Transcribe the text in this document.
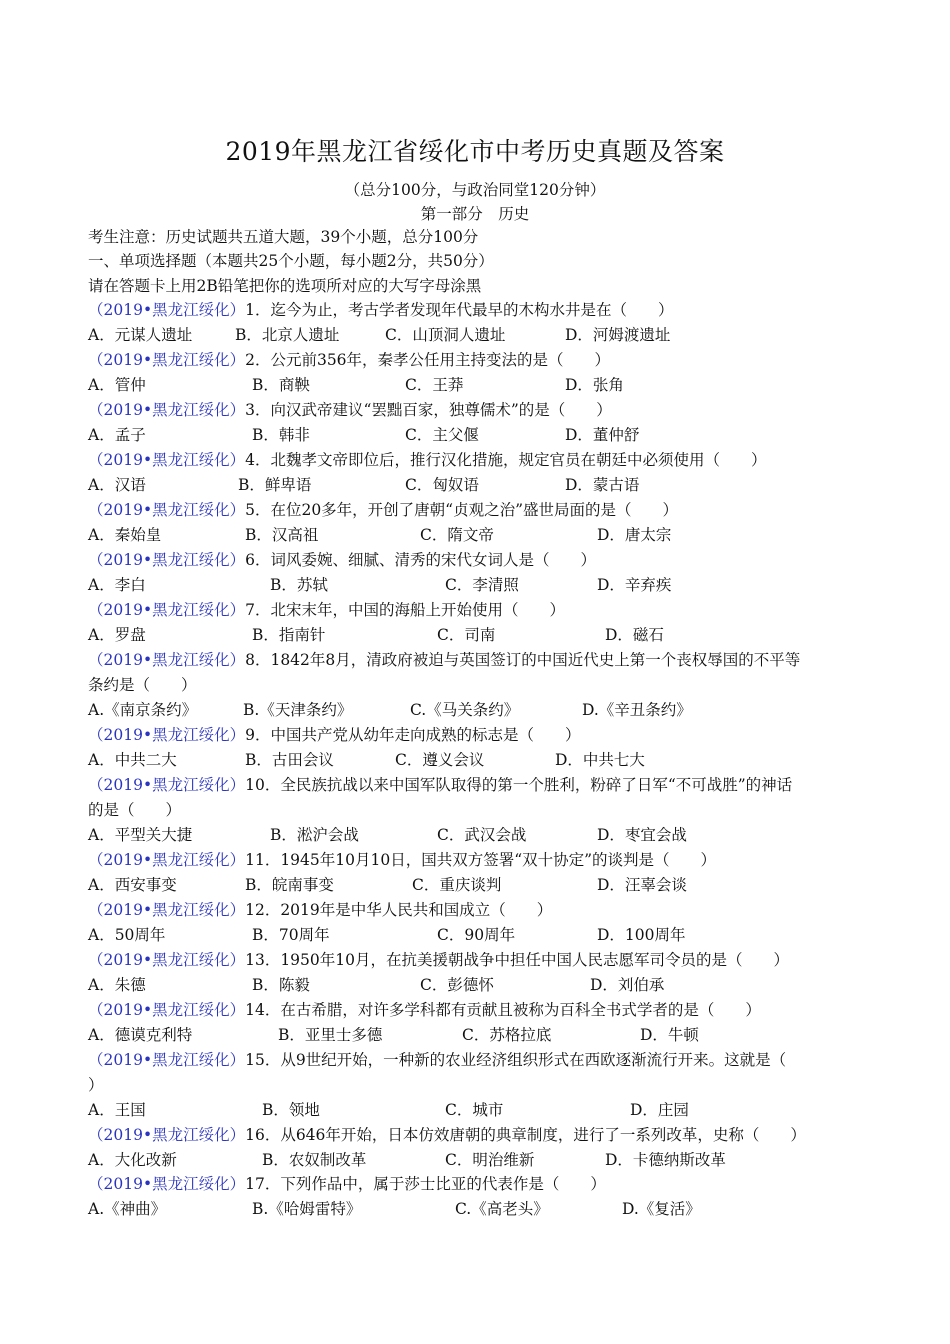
2019年黑龙江省绥化市中考历史真题及答案
（总分100分，与政治同堂120分钟）
第一部分　历史
考生注意：历史试题共五道大题，39个小题，总分100分
一、单项选择题（本题共25个小题，每小题2分，共50分）
请在答题卡上用2B铅笔把你的选项所对应的大写字母涂黑
（2019•黑龙江绥化）1．迄今为止，考古学者发现年代最早的木构水井是在（　　）
A．元谋人遗址	B．北京人遗址	C．山顶洞人遗址	D．河姆渡遗址
（2019•黑龙江绥化）2．公元前356年，秦孝公任用主持变法的是（　　）
A．管仲	B．商鞅	C．王莽	D．张角
（2019•黑龙江绥化）3．向汉武帝建议“罢黜百家，独尊儒术”的是（　　）
A．孟子	B．韩非	C．主父偃	D．董仲舒
（2019•黑龙江绥化）4．北魏孝文帝即位后，推行汉化措施，规定官员在朝廷中必须使用（　　）
A．汉语	B．鲜卑语	C．匈奴语	D．蒙古语
（2019•黑龙江绥化）5．在位20多年，开创了唐朝“贞观之治”盛世局面的是（　　）
A．秦始皇	B．汉高祖	C．隋文帝	D．唐太宗
（2019•黑龙江绥化）6．词风委婉、细腻、清秀的宋代女词人是（　　）
A．李白	B．苏轼	C．李清照	D．辛弃疾
（2019•黑龙江绥化）7．北宋末年，中国的海船上开始使用（　　）
A．罗盘	B．指南针	C．司南	D．磁石
（2019•黑龙江绥化）8．1842年8月，清政府被迫与英国签订的中国近代史上第一个丧权辱国的不平等
条约是（　　）
A.《南京条约》	B.《天津条约》	C.《马关条约》	D.《辛丑条约》
（2019•黑龙江绥化）9．中国共产党从幼年走向成熟的标志是（　　）
A．中共二大	B．古田会议	C．遵义会议	D．中共七大
（2019•黑龙江绥化）10．全民族抗战以来中国军队取得的第一个胜利，粉碎了日军“不可战胜”的神话
的是（　　）
A．平型关大捷	B．淞沪会战	C．武汉会战	D．枣宜会战
（2019•黑龙江绥化）11．1945年10月10日，国共双方签署“双十协定”的谈判是（　　）
A．西安事变	B．皖南事变	C．重庆谈判	D．汪辜会谈
（2019•黑龙江绥化）12．2019年是中华人民共和国成立（　　）
A．50周年	B．70周年	C．90周年	D．100周年
（2019•黑龙江绥化）13．1950年10月，在抗美援朝战争中担任中国人民志愿军司令员的是（　　）
A．朱德	B．陈毅	C．彭德怀	D．刘伯承
（2019•黑龙江绥化）14．在古希腊，对许多学科都有贡献且被称为百科全书式学者的是（　　）
A．德谟克利特	B．亚里士多德	C．苏格拉底	D．牛顿
（2019•黑龙江绥化）15．从9世纪开始，一种新的农业经济组织形式在西欧逐渐流行开来。这就是（
）
A．王国	B．领地	C．城市	D．庄园
（2019•黑龙江绥化）16．从646年开始，日本仿效唐朝的典章制度，进行了一系列改革，史称（　　）
A．大化改新	B．农奴制改革	C．明治维新	D．卡德纳斯改革
（2019•黑龙江绥化）17．下列作品中，属于莎士比亚的代表作是（　　）
A.《神曲》	B.《哈姆雷特》	C.《高老头》	D.《复活》
